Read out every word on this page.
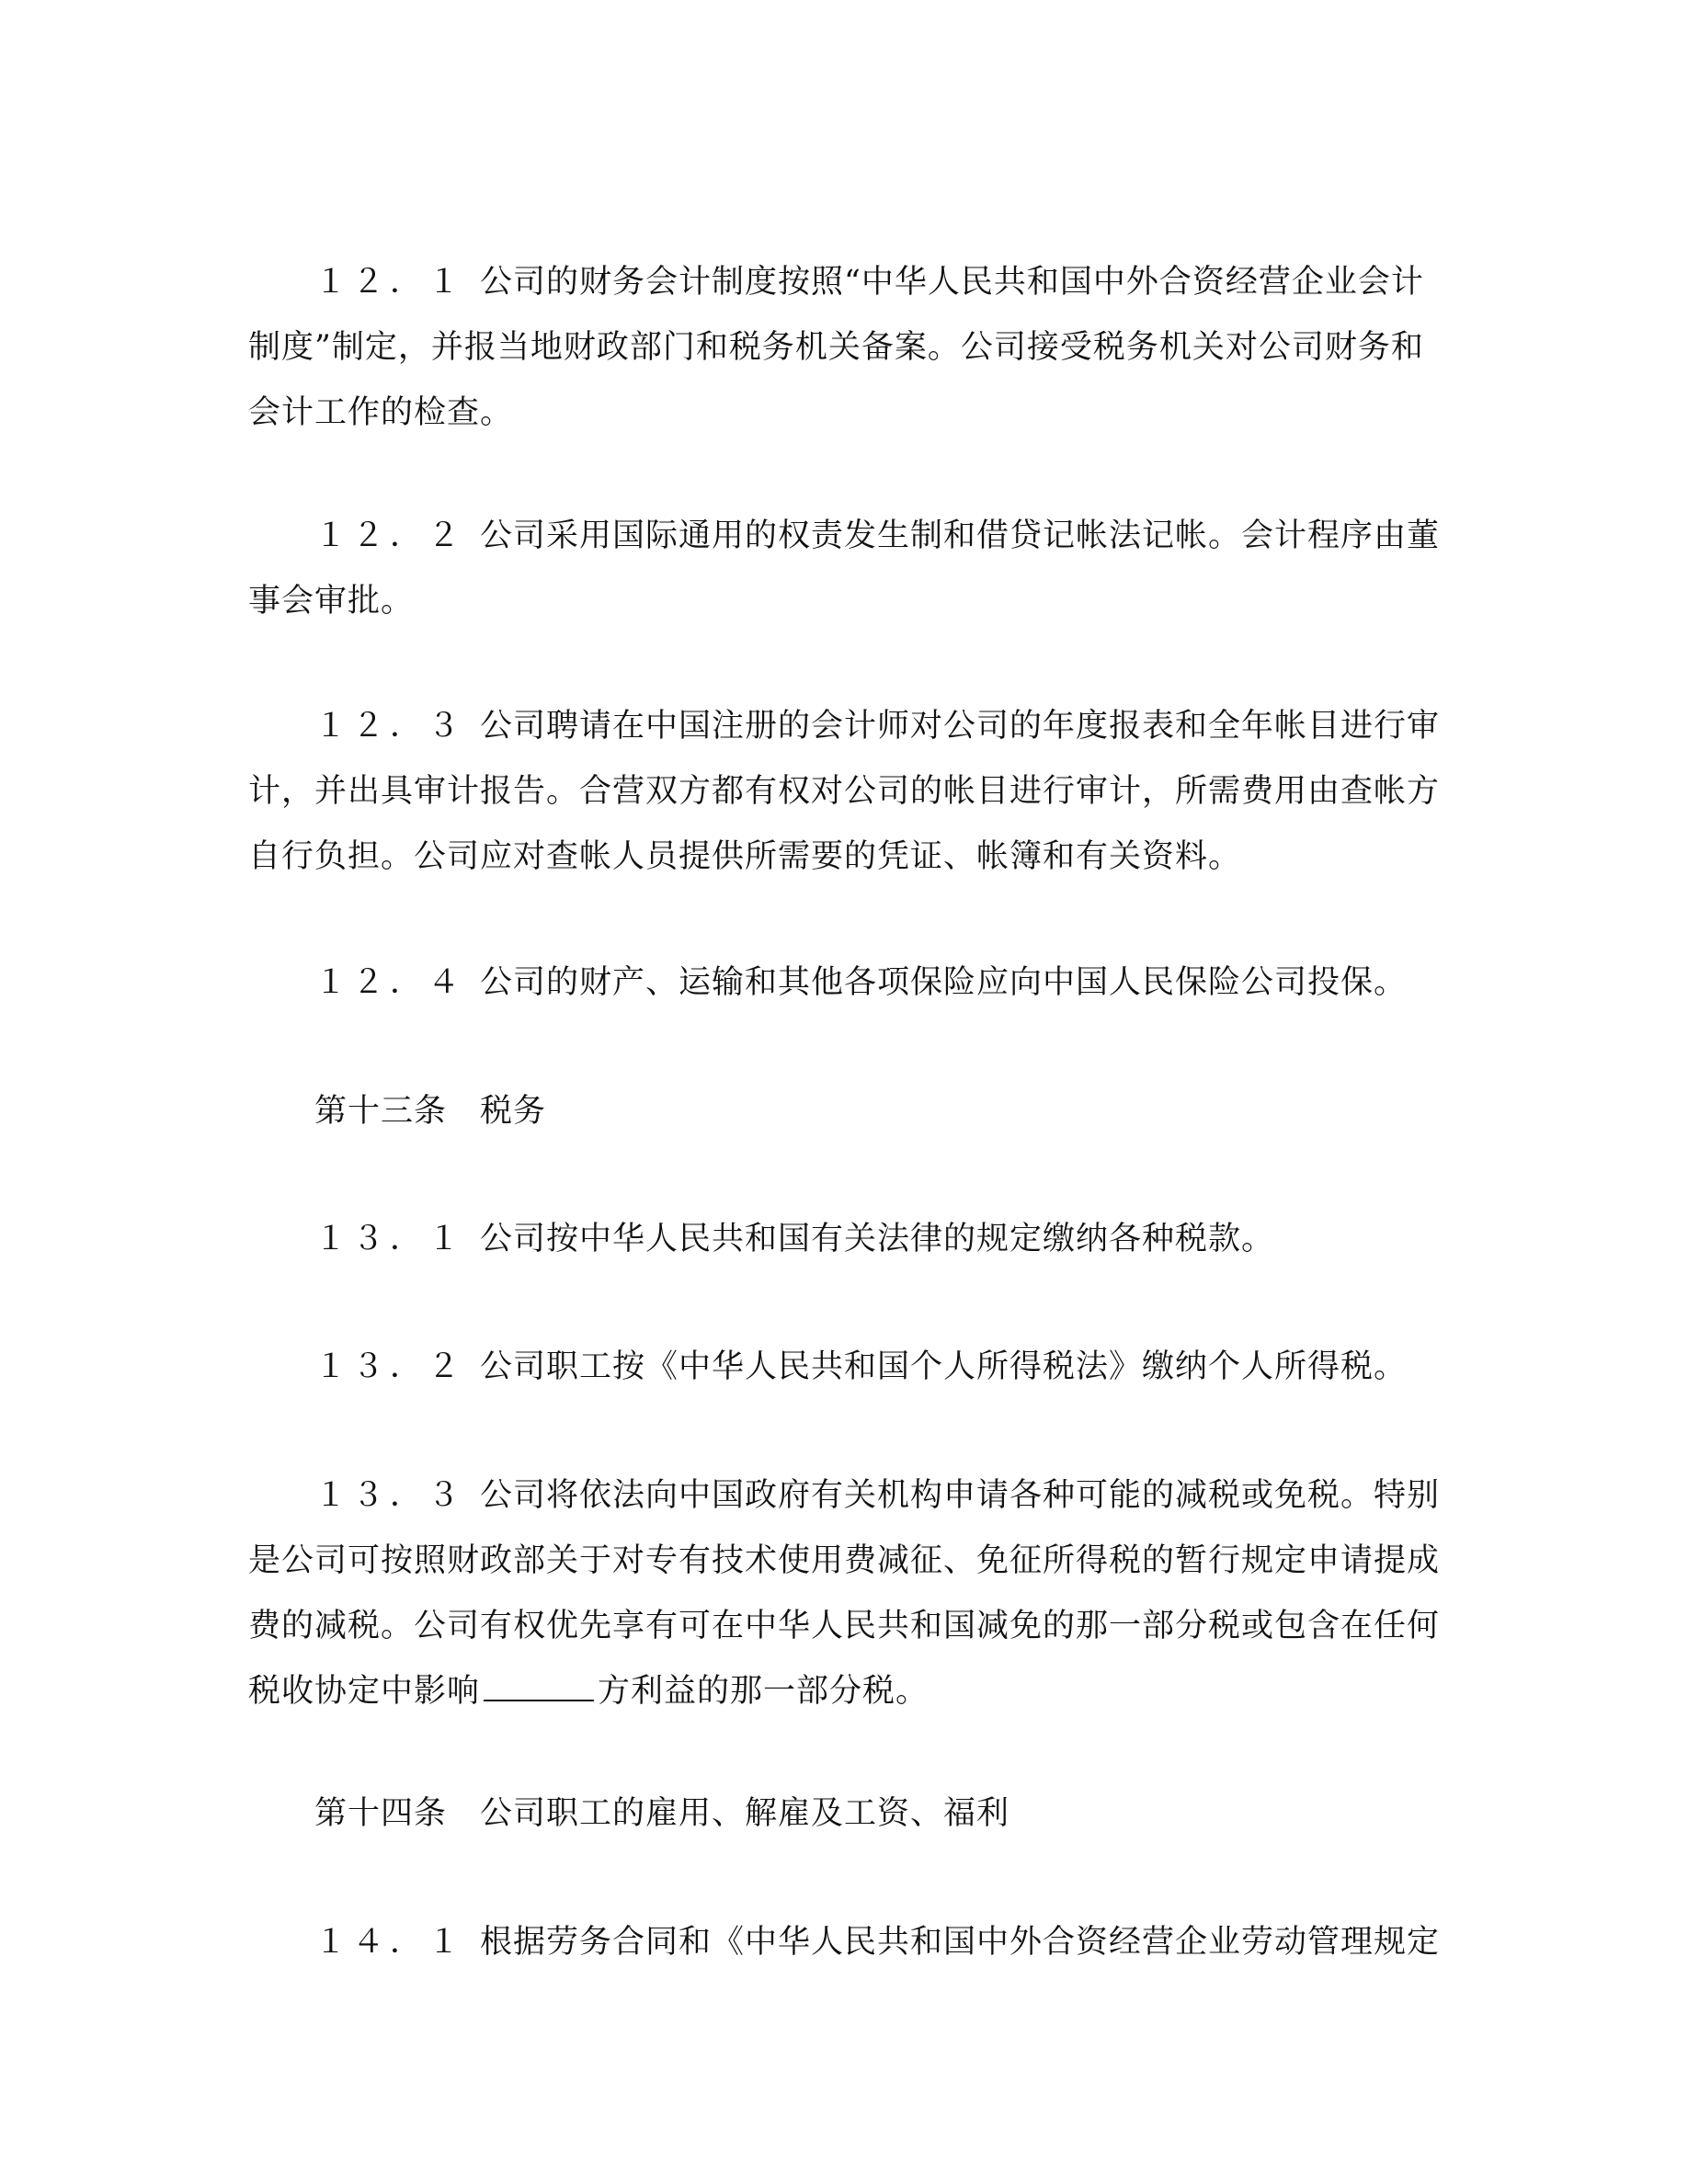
１２．１ 公司的财务会计制度按照“中华人民共和国中外合资经营企业会计
制度”制定，并报当地财政部门和税务机关备案。公司接受税务机关对公司财务和
会计工作的检查。
１２．２ 公司采用国际通用的权责发生制和借贷记帐法记帐。会计程序由董
事会审批。
１２．３ 公司聘请在中国注册的会计师对公司的年度报表和全年帐目进行审
计，并出具审计报告。合营双方都有权对公司的帐目进行审计，所需费用由查帐方
自行负担。公司应对查帐人员提供所需要的凭证、帐簿和有关资料。
１２．４ 公司的财产、运输和其他各项保险应向中国人民保险公司投保。
第十三条 税务
１３．１ 公司按中华人民共和国有关法律的规定缴纳各种税款。
１３．２ 公司职工按《中华人民共和国个人所得税法》缴纳个人所得税。
１３．３ 公司将依法向中国政府有关机构申请各种可能的减税或免税。特别
是公司可按照财政部关于对专有技术使用费减征、免征所得税的暂行规定申请提成
费的减税。公司有权优先享有可在中华人民共和国减免的那一部分税或包含在任何
税收协定中影响	方利益的那一部分税。
第十四条 公司职工的雇用、解雇及工资、福利
１４．１ 根据劳务合同和《中华人民共和国中外合资经营企业劳动管理规定
